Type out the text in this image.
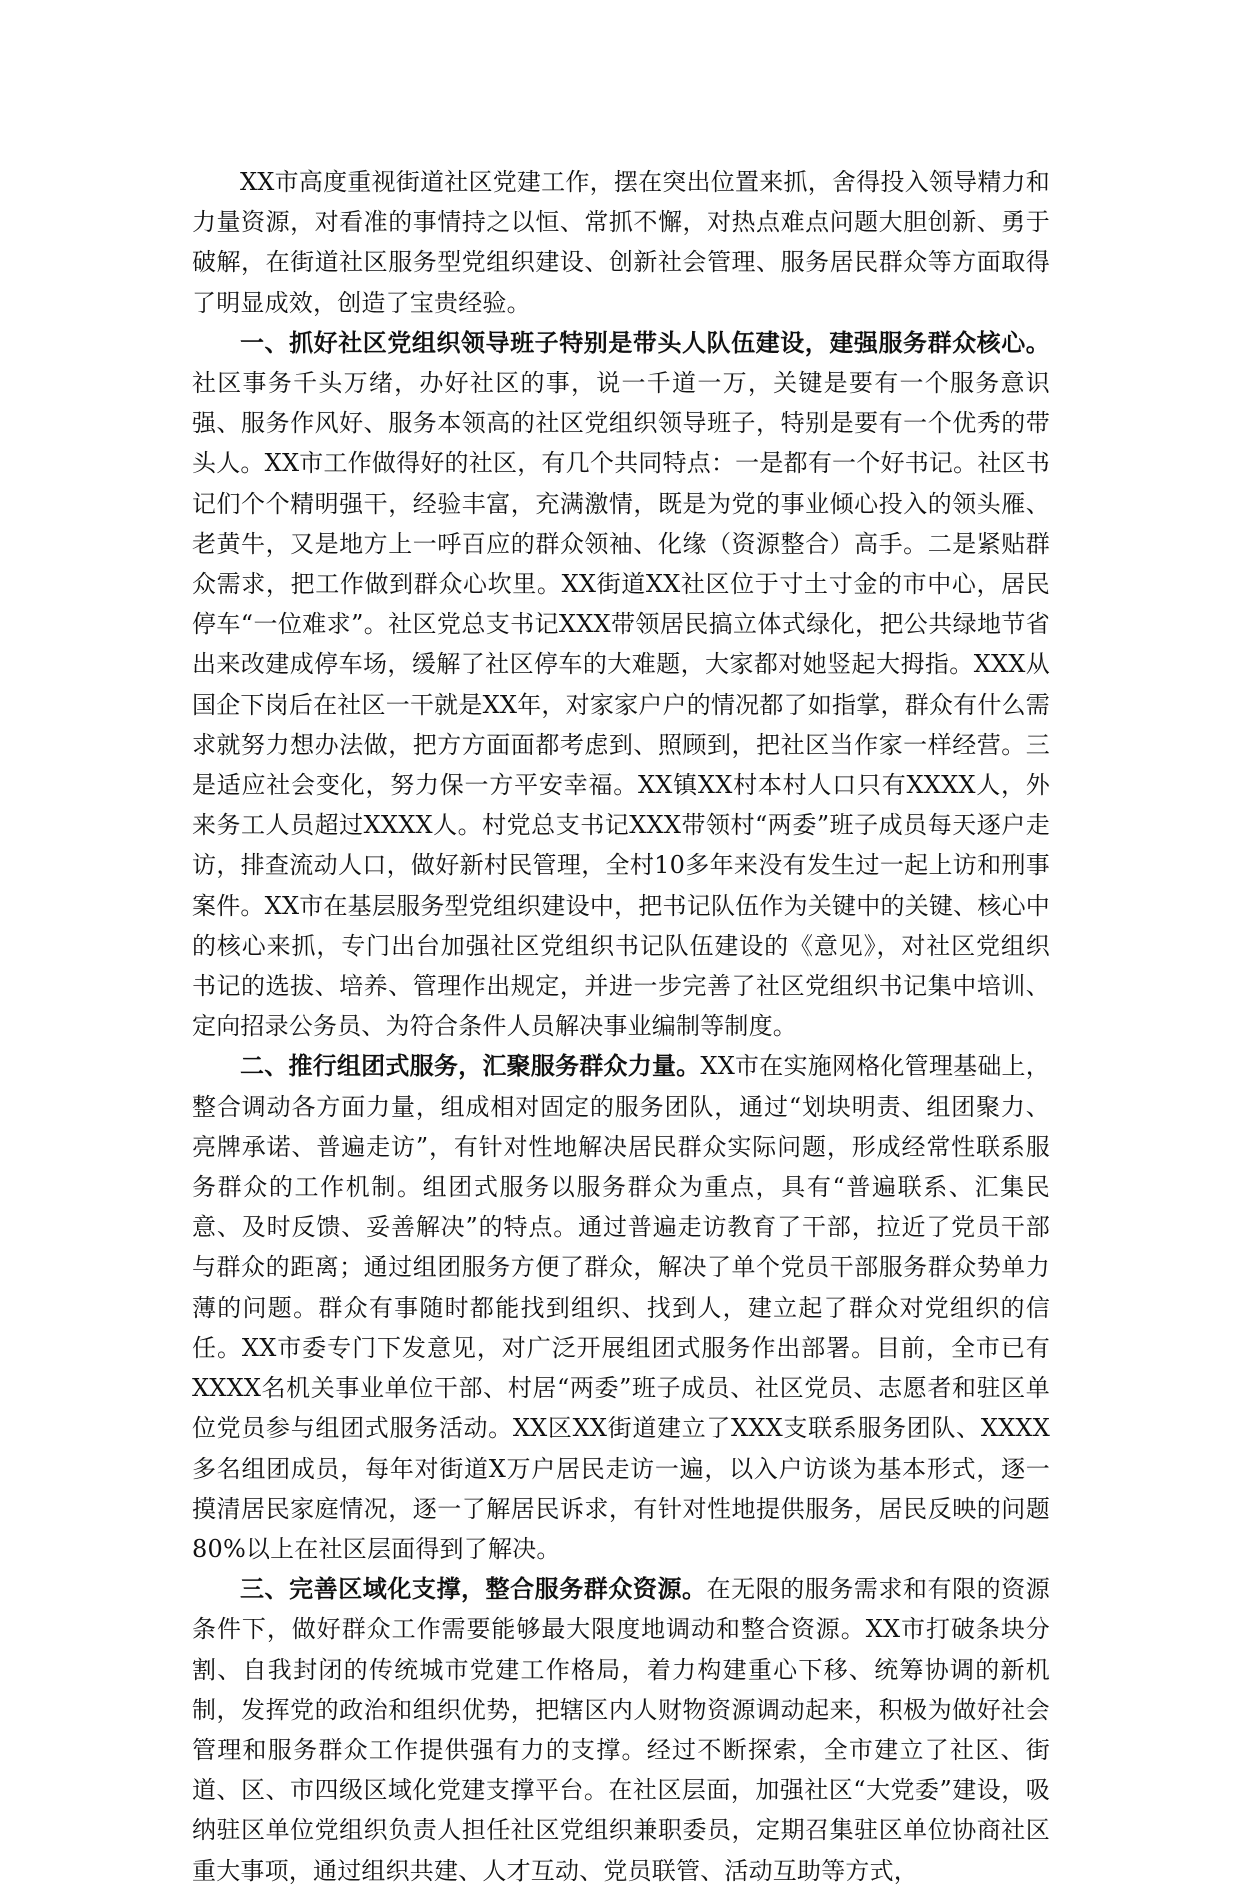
XX市高度重视街道社区党建工作，摆在突出位置来抓，舍得投入领导精力和力量资源，对看准的事情持之以恒、常抓不懈，对热点难点问题大胆创新、勇于破解，在街道社区服务型党组织建设、创新社会管理、服务居民群众等方面取得了明显成效，创造了宝贵经验。

一、抓好社区党组织领导班子特别是带头人队伍建设，建强服务群众核心。社区事务千头万绪，办好社区的事，说一千道一万，关键是要有一个服务意识强、服务作风好、服务本领高的社区党组织领导班子，特别是要有一个优秀的带头人。XX市工作做得好的社区，有几个共同特点：一是都有一个好书记。社区书记们个个精明强干，经验丰富，充满激情，既是为党的事业倾心投入的领头雁、老黄牛，又是地方上一呼百应的群众领袖、化缘（资源整合）高手。二是紧贴群众需求，把工作做到群众心坎里。XX街道XX社区位于寸土寸金的市中心，居民停车“一位难求”。社区党总支书记XXX带领居民搞立体式绿化，把公共绿地节省出来改建成停车场，缓解了社区停车的大难题，大家都对她竖起大拇指。XXX从国企下岗后在社区一干就是XX年，对家家户户的情况都了如指掌，群众有什么需求就努力想办法做，把方方面面都考虑到、照顾到，把社区当作家一样经营。三是适应社会变化，努力保一方平安幸福。XX镇XX村本村人口只有XXXX人，外来务工人员超过XXXX人。村党总支书记XXX带领村“两委”班子成员每天逐户走访，排查流动人口，做好新村民管理，全村10多年来没有发生过一起上访和刑事案件。XX市在基层服务型党组织建设中，把书记队伍作为关键中的关键、核心中的核心来抓，专门出台加强社区党组织书记队伍建设的《意见》，对社区党组织书记的选拔、培养、管理作出规定，并进一步完善了社区党组织书记集中培训、定向招录公务员、为符合条件人员解决事业编制等制度。

二、推行组团式服务，汇聚服务群众力量。XX市在实施网格化管理基础上，整合调动各方面力量，组成相对固定的服务团队，通过“划块明责、组团聚力、亮牌承诺、普遍走访”，有针对性地解决居民群众实际问题，形成经常性联系服务群众的工作机制。组团式服务以服务群众为重点，具有“普遍联系、汇集民意、及时反馈、妥善解决”的特点。通过普遍走访教育了干部，拉近了党员干部与群众的距离；通过组团服务方便了群众，解决了单个党员干部服务群众势单力薄的问题。群众有事随时都能找到组织、找到人，建立起了群众对党组织的信任。XX市委专门下发意见，对广泛开展组团式服务作出部署。目前，全市已有XXXX名机关事业单位干部、村居“两委”班子成员、社区党员、志愿者和驻区单位党员参与组团式服务活动。XX区XX街道建立了XXX支联系服务团队、XXXX多名组团成员，每年对街道X万户居民走访一遍，以入户访谈为基本形式，逐一摸清居民家庭情况，逐一了解居民诉求，有针对性地提供服务，居民反映的问题80%以上在社区层面得到了解决。

三、完善区域化支撑，整合服务群众资源。在无限的服务需求和有限的资源条件下，做好群众工作需要能够最大限度地调动和整合资源。XX市打破条块分割、自我封闭的传统城市党建工作格局，着力构建重心下移、统筹协调的新机制，发挥党的政治和组织优势，把辖区内人财物资源调动起来，积极为做好社会管理和服务群众工作提供强有力的支撑。经过不断探索，全市建立了社区、街道、区、市四级区域化党建支撑平台。在社区层面，加强社区“大党委”建设，吸纳驻区单位党组织负责人担任社区党组织兼职委员，定期召集驻区单位协商社区重大事项，通过组织共建、人才互动、党员联管、活动互助等方式，
